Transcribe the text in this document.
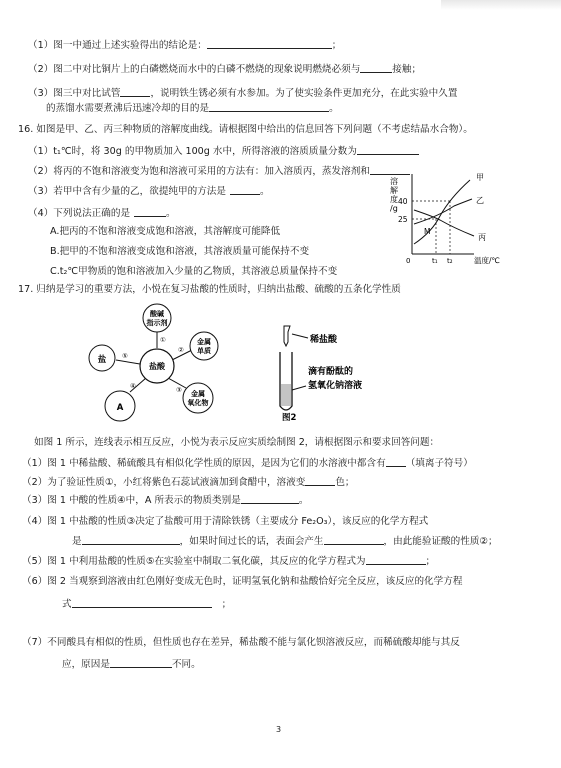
（1）图一中通过上述实验得出的结论是：	；
（2）图二中对比铜片上的白磷燃烧而水中的白磷不燃烧的现象说明燃烧必须与	接触；
（3）图三中对比试管	，说明铁生锈必须有水参加。为了使实验条件更加充分，在此实验中久置
的蒸馏水需要煮沸后迅速冷却的目的是	。
16. 如图是甲、乙、丙三种物质的溶解度曲线。请根据图中给出的信息回答下列问题（不考虑结晶水合物）。
（1）t₁℃时，将 30g 的甲物质加入 100g 水中，所得溶液的溶质质量分数为
（2）将丙的不饱和溶液变为饱和溶液可采用的方法有：加入溶质丙，蒸发溶剂和
（3）若甲中含有少量的乙，欲提纯甲的方法是	。
（4）下列说法正确的是	。
A.把丙的不饱和溶液变成饱和溶液，其溶解度可能降低
B.把甲的不饱和溶液变成饱和溶液，其溶液质量可能保持不变
C.t₂℃甲物质的饱和溶液加入少量的乙物质，其溶液总质量保持不变
溶
解
度
/g
40
25
甲
乙
丙
M
0	t₁ t₂	温度/℃
17. 归纳是学习的重要方法，小悦在复习盐酸的性质时，归纳出盐酸、硫酸的五条化学性质
酸碱
指示剂
金属
单质
金属
氧化物
盐
A
盐酸
①
②
③
④
⑤
稀盐酸
滴有酚酞的
氢氧化钠溶液
图2
如图 1 所示，连线表示相互反应，小悦为表示反应实质绘制图 2，请根据图示和要求回答问题：
（1）图 1 中稀盐酸、稀硫酸具有相似化学性质的原因，是因为它们的水溶液中都含有 （填离子符号）
（2）为了验证性质①，小红将紫色石蕊试液滴加到食醋中，溶液变	色；
（3）图 1 中酸的性质④中，A 所表示的物质类别是	。
（4）图 1 中盐酸的性质③决定了盐酸可用于清除铁锈（主要成分 Fe₂O₃），该反应的化学方程式
是	，如果时间过长的话，表面会产生	，由此能验证酸的性质②；
（5）图 1 中利用盐酸的性质⑤在实验室中制取二氧化碳，其反应的化学方程式为	；
（6）图 2 当观察到溶液由红色刚好变成无色时，证明氢氧化钠和盐酸恰好完全反应，该反应的化学方程
式	；
（7）不同酸具有相似的性质，但性质也存在差异，稀盐酸不能与氯化钡溶液反应，而稀硫酸却能与其反
应，原因是	不同。
3
